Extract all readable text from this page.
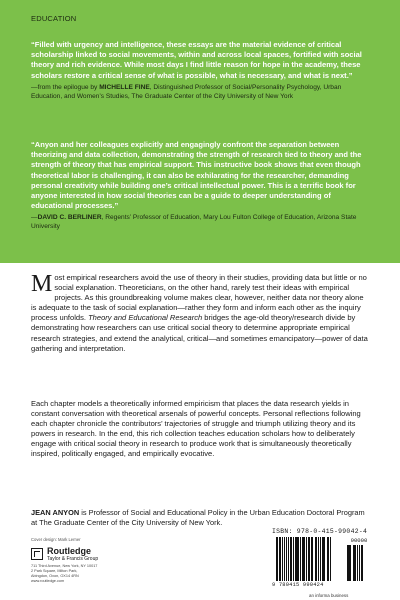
EDUCATION

“Filled with urgency and intelligence, these essays are the material evidence of critical scholarship linked to social movements, within and across local spaces, fortified with social theory and rich evidence. While most days I find little reason for hope in the academy, these scholars restore a critical sense of what is possible, what is necessary, and what is next.”

—from the epilogue by MICHELLE FINE, Distinguished Professor of Social/Personality Psychology, Urban Education, and Women’s Studies, The Graduate Center of the City University of New York

“Anyon and her colleagues explicitly and engagingly confront the separation between theorizing and data collection, demonstrating the strength of research tied to theory and the strength of theory that has empirical support. This instructive book shows that even though theoretical labor is challenging, it can also be exhilarating for the researcher, demanding personal creativity while building one’s critical intellectual power. This is a terrific book for anyone interested in how social theories can be a guide to deeper understanding of educational processes.”

—DAVID C. BERLINER, Regents’ Professor of Education, Mary Lou Fulton College of Education, Arizona State University

Most empirical researchers avoid the use of theory in their studies, providing data but little or no social explanation. Theoreticians, on the other hand, rarely test their ideas with empirical projects. As this groundbreaking volume makes clear, however, neither data nor theory alone is adequate to the task of social explanation—rather they form and inform each other as the inquiry process unfolds. Theory and Educational Research bridges the age-old theory/research divide by demonstrating how researchers can use critical social theory to determine appropriate empirical research strategies, and extend the analytical, critical—and sometimes emancipatory—power of data gathering and interpretation.

Each chapter models a theoretically informed empiricism that places the data research yields in constant conversation with theoretical arsenals of powerful concepts. Personal reflections following each chapter chronicle the contributors’ trajectories of struggle and triumph utilizing theory and its powers in research. In the end, this rich collection teaches education scholars how to deliberately engage with critical social theory in research to produce work that is simultaneously theoretically inspired, politically engaged, and empirically evocative.

JEAN ANYON is Professor of Social and Educational Policy in the Urban Education Doctoral Program at The Graduate Center of the City University of New York.

Cover design: Mark Lerner
Routledge
Taylor & Francis Group
711 Third Avenue, New York, NY 10017
2 Park Square, Milton Park,
Abingdon, Oxon, OX14 4RN
www.routledge.com
ISBN: 978-0-415-99042-4
90000
9 780415 990424
an informa business
